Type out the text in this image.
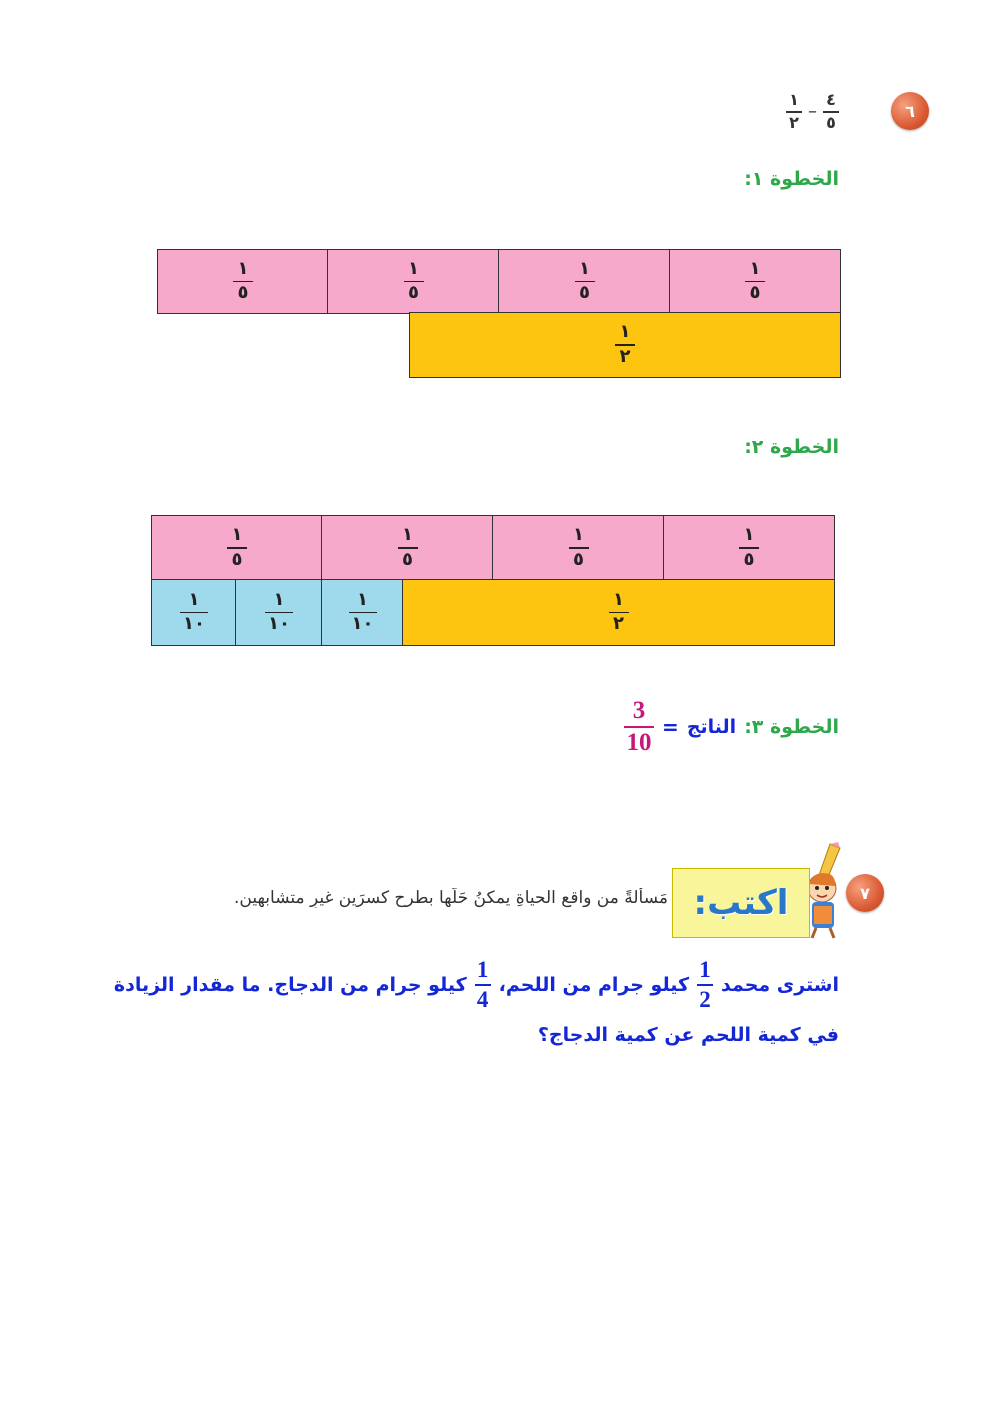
٦
$\frac{١}{٢} - \frac{٤}{٥}$
الخطوة ١:
$\frac{١}{٥}$	$\frac{١}{٥}$	$\frac{١}{٥}$	$\frac{١}{٥}$
$\frac{١}{٢}$
الخطوة ٢:
$\frac{١}{٥}$	$\frac{١}{٥}$	$\frac{١}{٥}$	$\frac{١}{٥}$
$\frac{١}{١٠}$	$\frac{١}{١٠}$	$\frac{١}{١٠}$	$\frac{١}{٢}$
الخطوة ٣:
الناتج
=
$\frac{3}{10}$
٧
اكتب:
مَسألةً من واقعِ الحياةِ يمكنُ حَلُّها بطرحِ كسرَينِ غيرِ متشابهينِ.
اشترى محمد
$\frac{1}{2}$
كيلو جرام من اللحم،
$\frac{1}{4}$
كيلو جرام من الدجاج. ما مقدار الزيادة
في كمية اللحم عن كمية الدجاج؟
